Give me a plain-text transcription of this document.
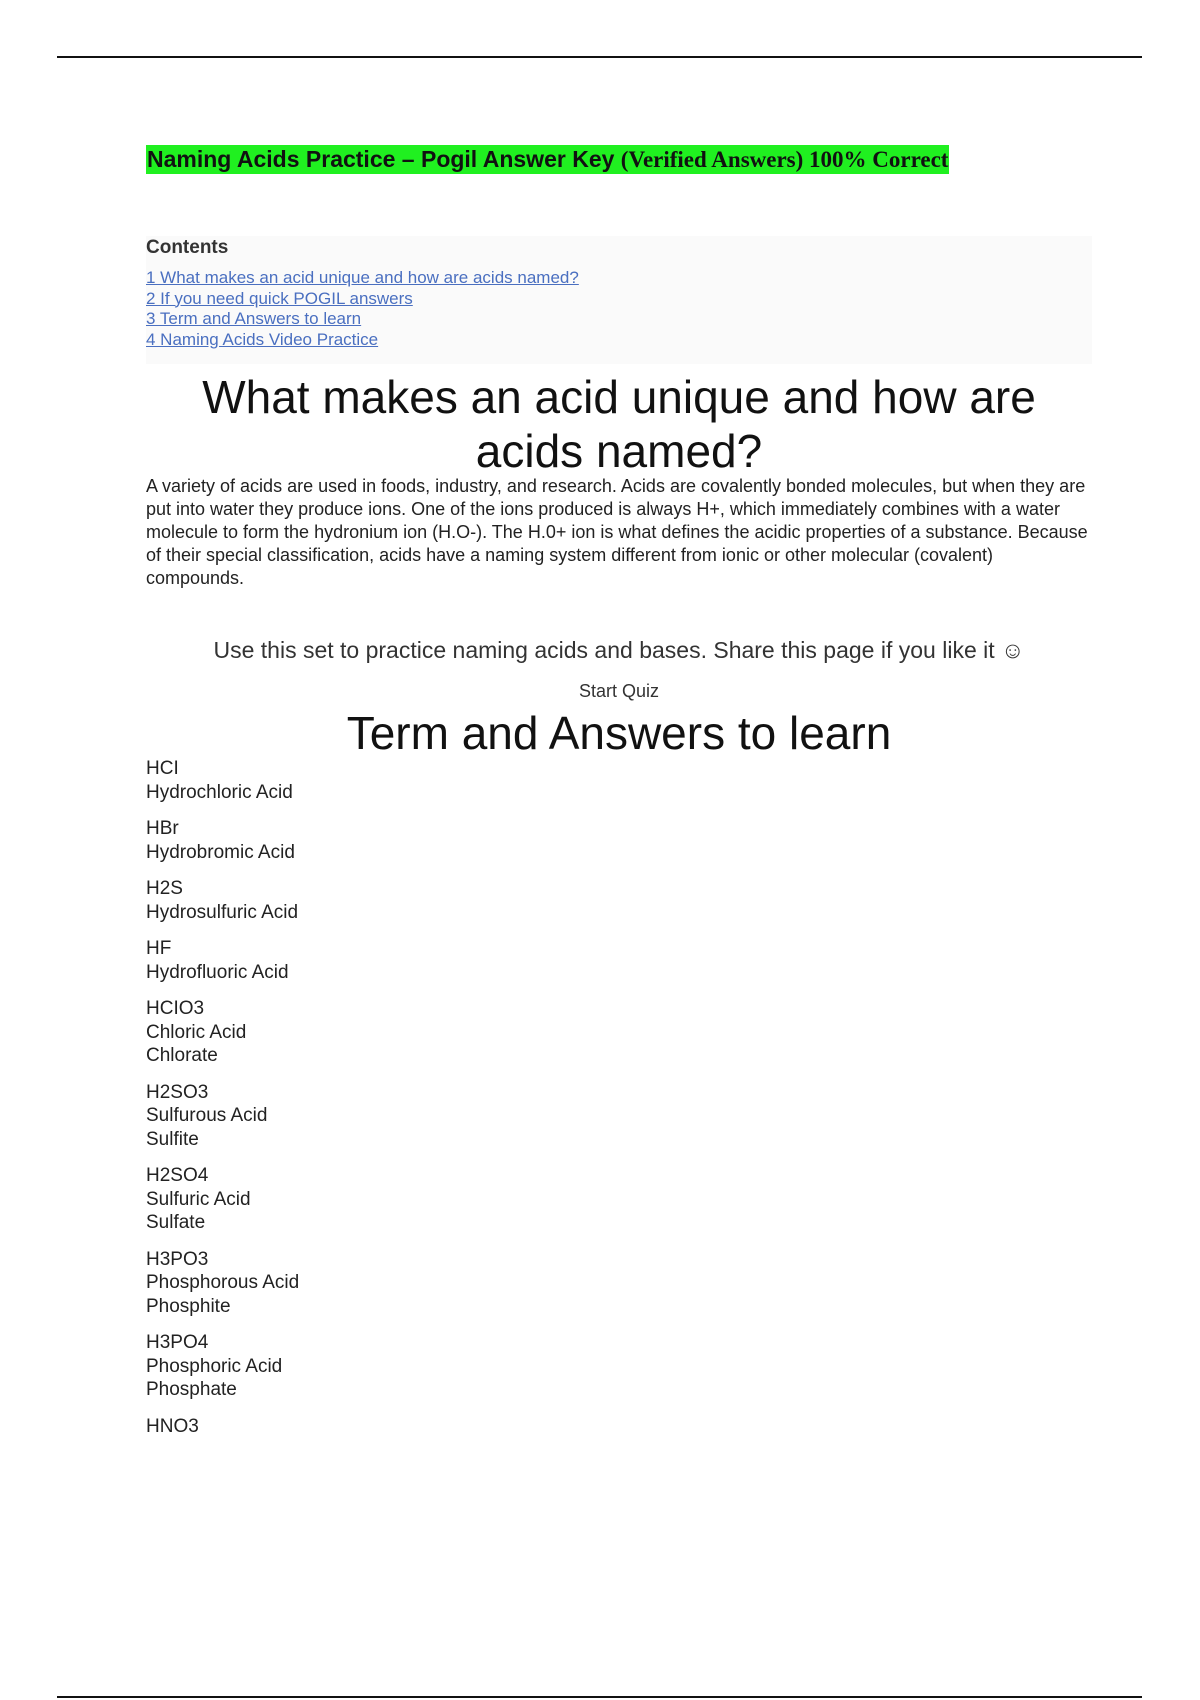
Naming Acids Practice – Pogil Answer Key (Verified Answers) 100% Correct
Contents
1 What makes an acid unique and how are acids named?
2 If you need quick POGIL answers
3 Term and Answers to learn
4 Naming Acids Video Practice
What makes an acid unique and how are acids named?

A variety of acids are used in foods, industry, and research. Acids are covalently bonded molecules, but when they are put into water they produce ions. One of the ions produced is always H+, which immediately combines with a water molecule to form the hydronium ion (H.O-). The H.0+ ion is what defines the acidic properties of a substance. Because of their special classification, acids have a naming system different from ionic or other molecular (covalent) compounds.

Use this set to practice naming acids and bases. Share this page if you like it ☺
Start Quiz
Term and Answers to learn
HCI
Hydrochloric Acid
HBr
Hydrobromic Acid
H2S
Hydrosulfuric Acid
HF
Hydrofluoric Acid
HCIO3
Chloric Acid
Chlorate
H2SO3
Sulfurous Acid
Sulfite
H2SO4
Sulfuric Acid
Sulfate
H3PO3
Phosphorous Acid
Phosphite
H3PO4
Phosphoric Acid
Phosphate
HNO3
